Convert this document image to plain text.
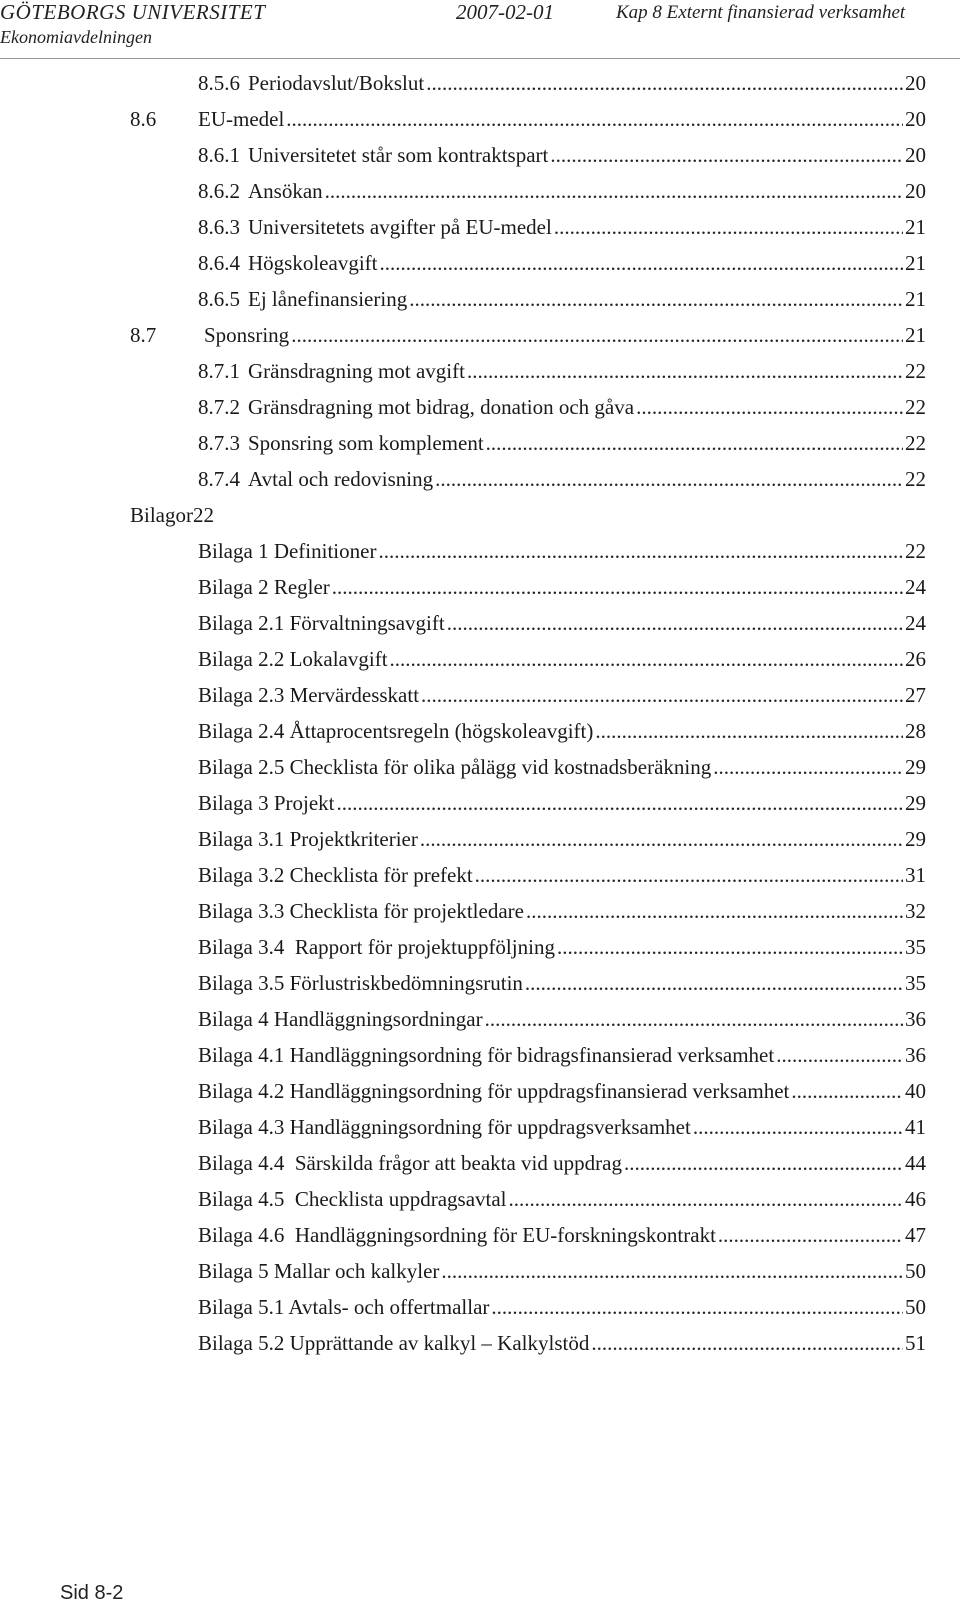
GÖTEBORGS UNIVERSITET
Ekonomiavdelningen
2007-02-01	Kap 8 Externt finansierad verksamhet
8.5.6 Periodavslut/Bokslut .....	20
8.6	EU-medel .....	20
8.6.1 Universitetet står som kontraktspart .....	20
8.6.2 Ansökan .....	20
8.6.3 Universitetets avgifter på EU-medel .....	21
8.6.4 Högskoleavgift .....	21
8.6.5 Ej lånefinansiering .....	21
8.7	Sponsring .....	21
8.7.1 Gränsdragning mot avgift .....	22
8.7.2 Gränsdragning mot bidrag, donation och gåva .....	22
8.7.3 Sponsring som komplement .....	22
8.7.4 Avtal och redovisning .....	22
Bilagor22
Bilaga 1 Definitioner .....	22
Bilaga 2 Regler .....	24
Bilaga 2.1 Förvaltningsavgift .....	24
Bilaga 2.2 Lokalavgift .....	26
Bilaga 2.3 Mervärdesskatt .....	27
Bilaga 2.4 Åttaprocentsregeln (högskoleavgift) .....	28
Bilaga 2.5 Checklista för olika pålägg vid kostnadsberäkning .....	29
Bilaga 3 Projekt .....	29
Bilaga 3.1 Projektkriterier .....	29
Bilaga 3.2 Checklista för prefekt .....	31
Bilaga 3.3 Checklista för projektledare .....	32
Bilaga 3.4  Rapport för projektuppföljning .....	35
Bilaga 3.5 Förlustriskbedömningsrutin .....	35
Bilaga 4 Handläggningsordningar .....	36
Bilaga 4.1 Handläggningsordning för bidragsfinansierad verksamhet .....	36
Bilaga 4.2 Handläggningsordning för uppdragsfinansierad verksamhet .....	40
Bilaga 4.3 Handläggningsordning för uppdragsverksamhet .....	41
Bilaga 4.4  Särskilda frågor att beakta vid uppdrag .....	44
Bilaga 4.5  Checklista uppdragsavtal .....	46
Bilaga 4.6  Handläggningsordning för EU-forskningskontrakt .....	47
Bilaga 5 Mallar och kalkyler .....	50
Bilaga 5.1 Avtals- och offertmallar .....	50
Bilaga 5.2 Upprättande av kalkyl – Kalkylstöd .....	51
Sid 8-2
